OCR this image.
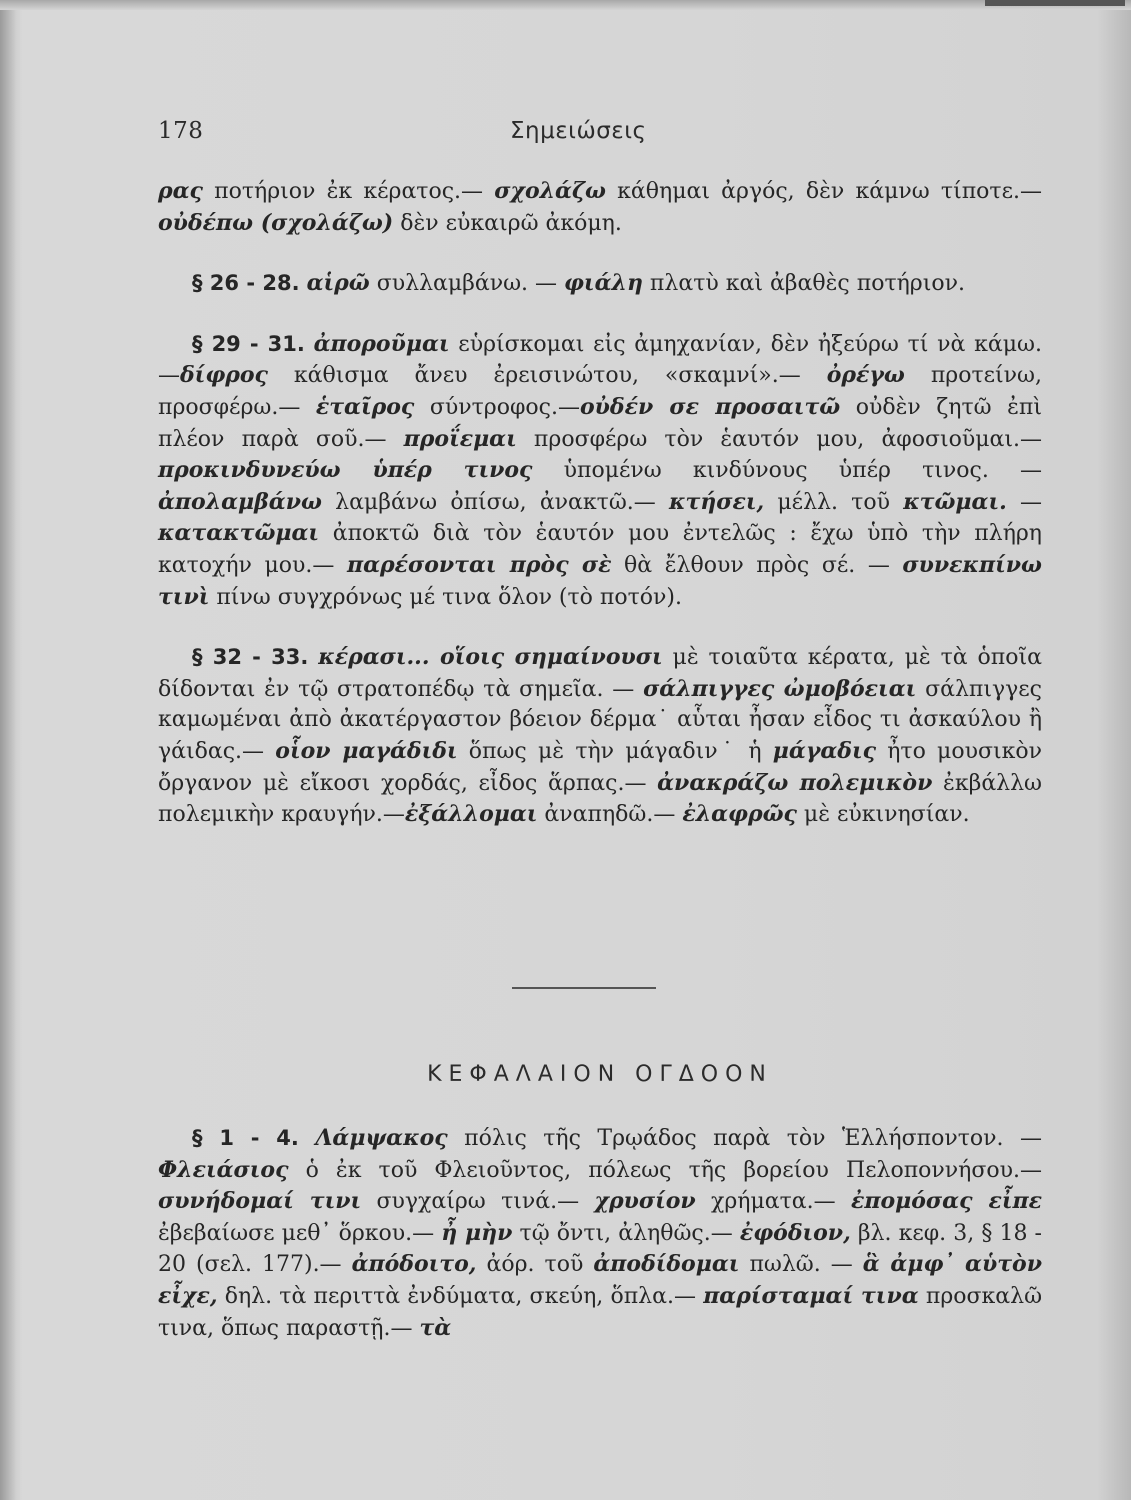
178	Σημειώσεις

ρας ποτήριον ἐκ κέρατος.— σχολάζω κάθημαι ἀργός, δὲν κάμνω τίποτε.—οὐδέπω (σχολάζω) δὲν εὐκαιρῶ ἀκόμη.

§ 26 - 28. αἱρῶ συλλαμβάνω. — φιάλη πλατὺ καὶ ἀβαθὲς ποτήριον.

§ 29 - 31. ἀποροῦμαι εὑρίσκομαι εἰς ἀμηχανίαν, δὲν ἠξεύρω τί νὰ κάμω.—δίφρος κάθισμα ἄνευ ἐρεισινώτου, «σκαμνί».— ὀρέγω προτείνω, προσφέρω.— ἑταῖρος σύντροφος.—οὐδέν σε προσαιτῶ οὐδὲν ζητῶ ἐπὶ πλέον παρὰ σοῦ.— προΐεμαι προσφέρω τὸν ἑαυτόν μου, ἀφοσιοῦμαι.—προκινδυνεύω ὑπέρ τινος ὑπομένω κινδύνους ὑπέρ τινος. — ἀπολαμβάνω λαμβάνω ὀπίσω, ἀνακτῶ.— κτήσει, μέλλ. τοῦ κτῶμαι. — κατακτῶμαι ἀποκτῶ διὰ τὸν ἑαυτόν μου ἐντελῶς : ἔχω ὑπὸ τὴν πλήρη κατοχήν μου.— παρέσονται πρὸς σὲ θὰ ἔλθουν πρὸς σέ. — συνεκπίνω τινὶ πίνω συγχρόνως μέ τινα ὅλον (τὸ ποτόν).

§ 32 - 33. κέρασι... οἵοις σημαίνουσι μὲ τοιαῦτα κέρατα, μὲ τὰ ὁποῖα δίδονται ἐν τῷ στρατοπέδῳ τὰ σημεῖα. — σάλπιγγες ὠμοβόειαι σάλπιγγες καμωμέναι ἀπὸ ἀκατέργαστον βόειον δέρμα˙ αὗται ἦσαν εἶδος τι ἀσκαύλου ἢ γάιδας.— οἷον μαγάδιδι ὅπως μὲ τὴν μάγαδιν˙ ἡ μάγαδις ἦτο μουσικὸν ὄργανον μὲ εἴκοσι χορδάς, εἶδος ἅρπας.— ἀνακράζω πολεμικὸν ἐκβάλλω πολεμικὴν κραυγήν.—ἐξάλλομαι ἀναπηδῶ.— ἐλαφρῶς μὲ εὐκινησίαν.

ΚΕΦΑΛΑΙΟΝ ΟΓΔΟΟΝ

§ 1 - 4. Λάμψακος πόλις τῆς Τρῳάδος παρὰ τὸν Ἑλλήσποντον. — Φλειάσιος ὁ ἐκ τοῦ Φλειοῦντος, πόλεως τῆς βορείου Πελοποννήσου.— συνήδομαί τινι συγχαίρω τινά.— χρυσίον χρήματα.— ἐπομόσας εἶπε ἐβεβαίωσε μεθ᾽ ὅρκου.— ἦ μὴν τῷ ὄντι, ἀληθῶς.— ἐφόδιον, βλ. κεφ. 3, § 18 - 20 (σελ. 177).— ἀπόδοιτο, ἀόρ. τοῦ ἀποδίδομαι πωλῶ. — ἃ ἀμφ᾽ αὑτὸν εἶχε, δηλ. τὰ περιττὰ ἐνδύματα, σκεύη, ὅπλα.— παρίσταμαί τινα προσκαλῶ τινα, ὅπως παραστῇ.— τὰ
